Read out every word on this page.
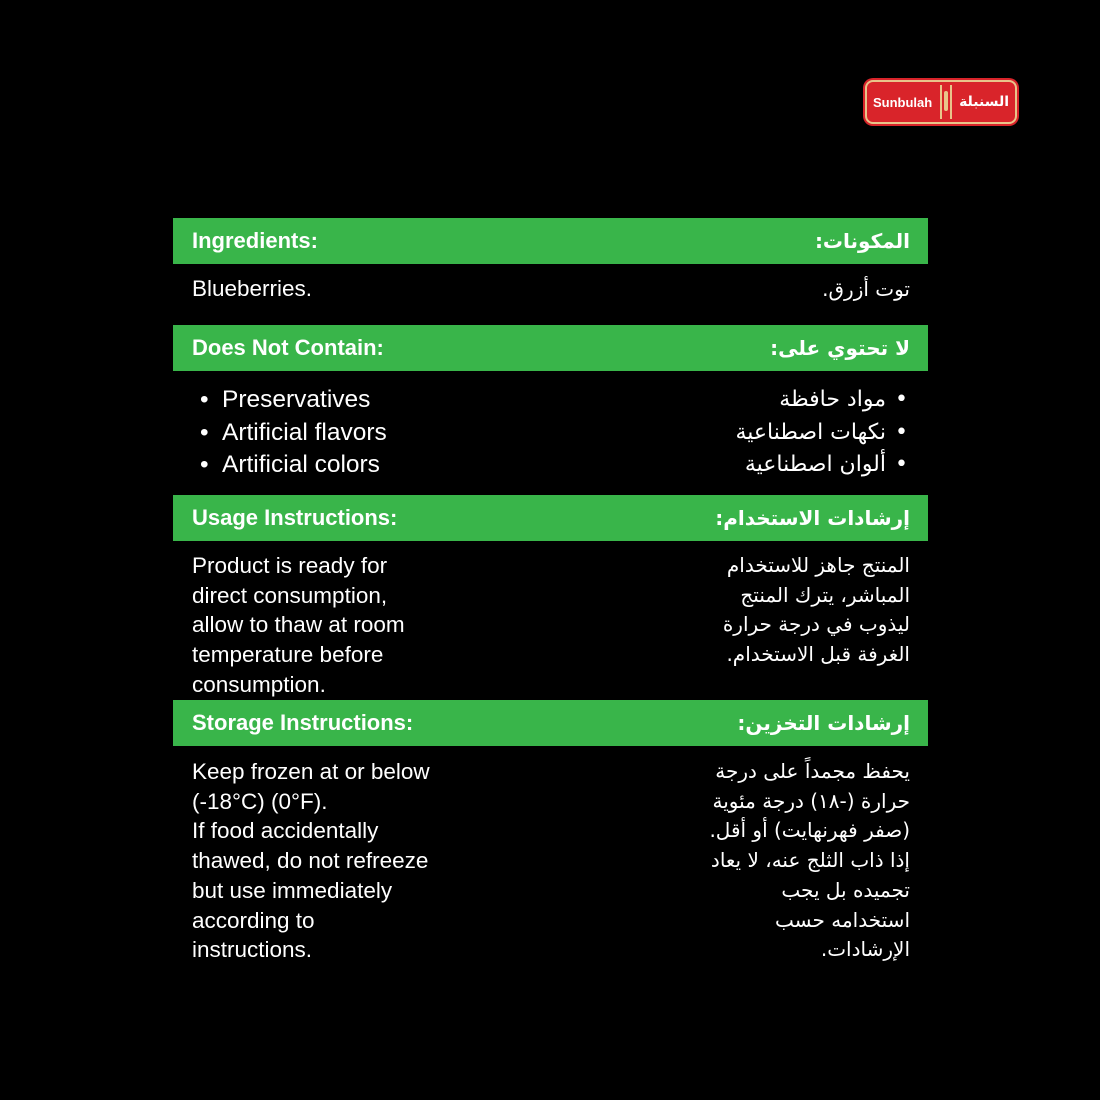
Sunbulah السنبلة
Ingredients:	المكونات:
Blueberries.	توت أزرق.
Does Not Contain:	لا تحتوي على:
• Preservatives
• Artificial flavors
• Artificial colors
• مواد حافظة
• نكهات اصطناعية
• ألوان اصطناعية
Usage Instructions:	إرشادات الاستخدام:
Product is ready for
direct consumption,
allow to thaw at room
temperature before
consumption.
المنتج جاهز للاستخدام
المباشر، يترك المنتج
ليذوب في درجة حرارة
الغرفة قبل الاستخدام.
Storage Instructions:	إرشادات التخزين:
Keep frozen at or below
(-18°C) (0°F).
If food accidentally
thawed, do not refreeze
but use immediately
according to
instructions.
يحفظ مجمداً على درجة
حرارة (-١٨) درجة مئوية
(صفر فهرنهايت) أو أقل.
إذا ذاب الثلج عنه، لا يعاد
تجميده بل يجب
استخدامه حسب
الإرشادات.
